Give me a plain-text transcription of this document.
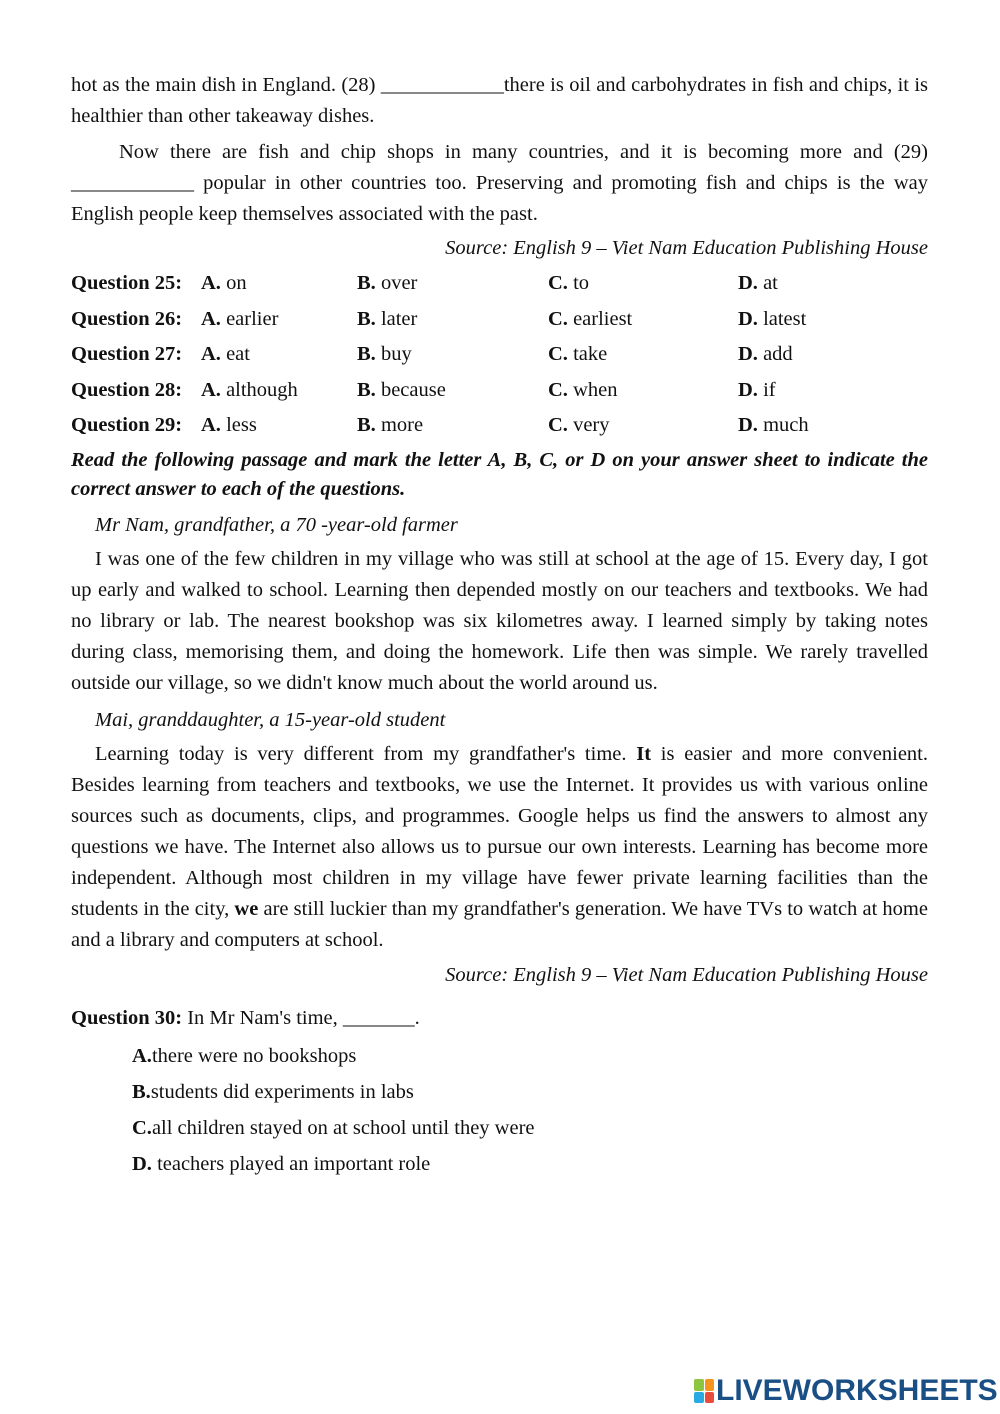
hot as the main dish in England. (28) ____________there is oil and carbohydrates in fish and chips, it is healthier than other takeaway dishes.

Now there are fish and chip shops in many countries, and it is becoming more and (29) ____________ popular in other countries too. Preserving and promoting fish and chips is the way English people keep themselves associated with the past.

Source: English 9 – Viet Nam Education Publishing House

Question 25: A. on	B. over	C. to	D. at
Question 26: A. earlier	B. later	C. earliest	D. latest
Question 27: A. eat	B. buy	C. take	D. add
Question 28: A. although	B. because	C. when	D. if
Question 29: A. less	B. more	C. very	D. much

Read the following passage and mark the letter A, B, C, or D on your answer sheet to indicate the correct answer to each of the questions.

Mr Nam, grandfather, a 70 -year-old farmer

I was one of the few children in my village who was still at school at the age of 15. Every day, I got up early and walked to school. Learning then depended mostly on our teachers and textbooks. We had no library or lab. The nearest bookshop was six kilometres away. I learned simply by taking notes during class, memorising them, and doing the homework. Life then was simple. We rarely travelled outside our village, so we didn't know much about the world around us.

Mai, granddaughter, a 15-year-old student

Learning today is very different from my grandfather's time. It is easier and more convenient. Besides learning from teachers and textbooks, we use the Internet. It provides us with various online sources such as documents, clips, and programmes. Google helps us find the answers to almost any questions we have. The Internet also allows us to pursue our own interests. Learning has become more independent. Although most children in my village have fewer private learning facilities than the students in the city, we are still luckier than my grandfather's generation. We have TVs to watch at home and a library and computers at school.

Source: English 9 – Viet Nam Education Publishing House

Question 30: In Mr Nam's time, _______.
A.there were no bookshops
B.students did experiments in labs
C.all children stayed on at school until they were
D. teachers played an important role
LIVEWORKSHEETS
